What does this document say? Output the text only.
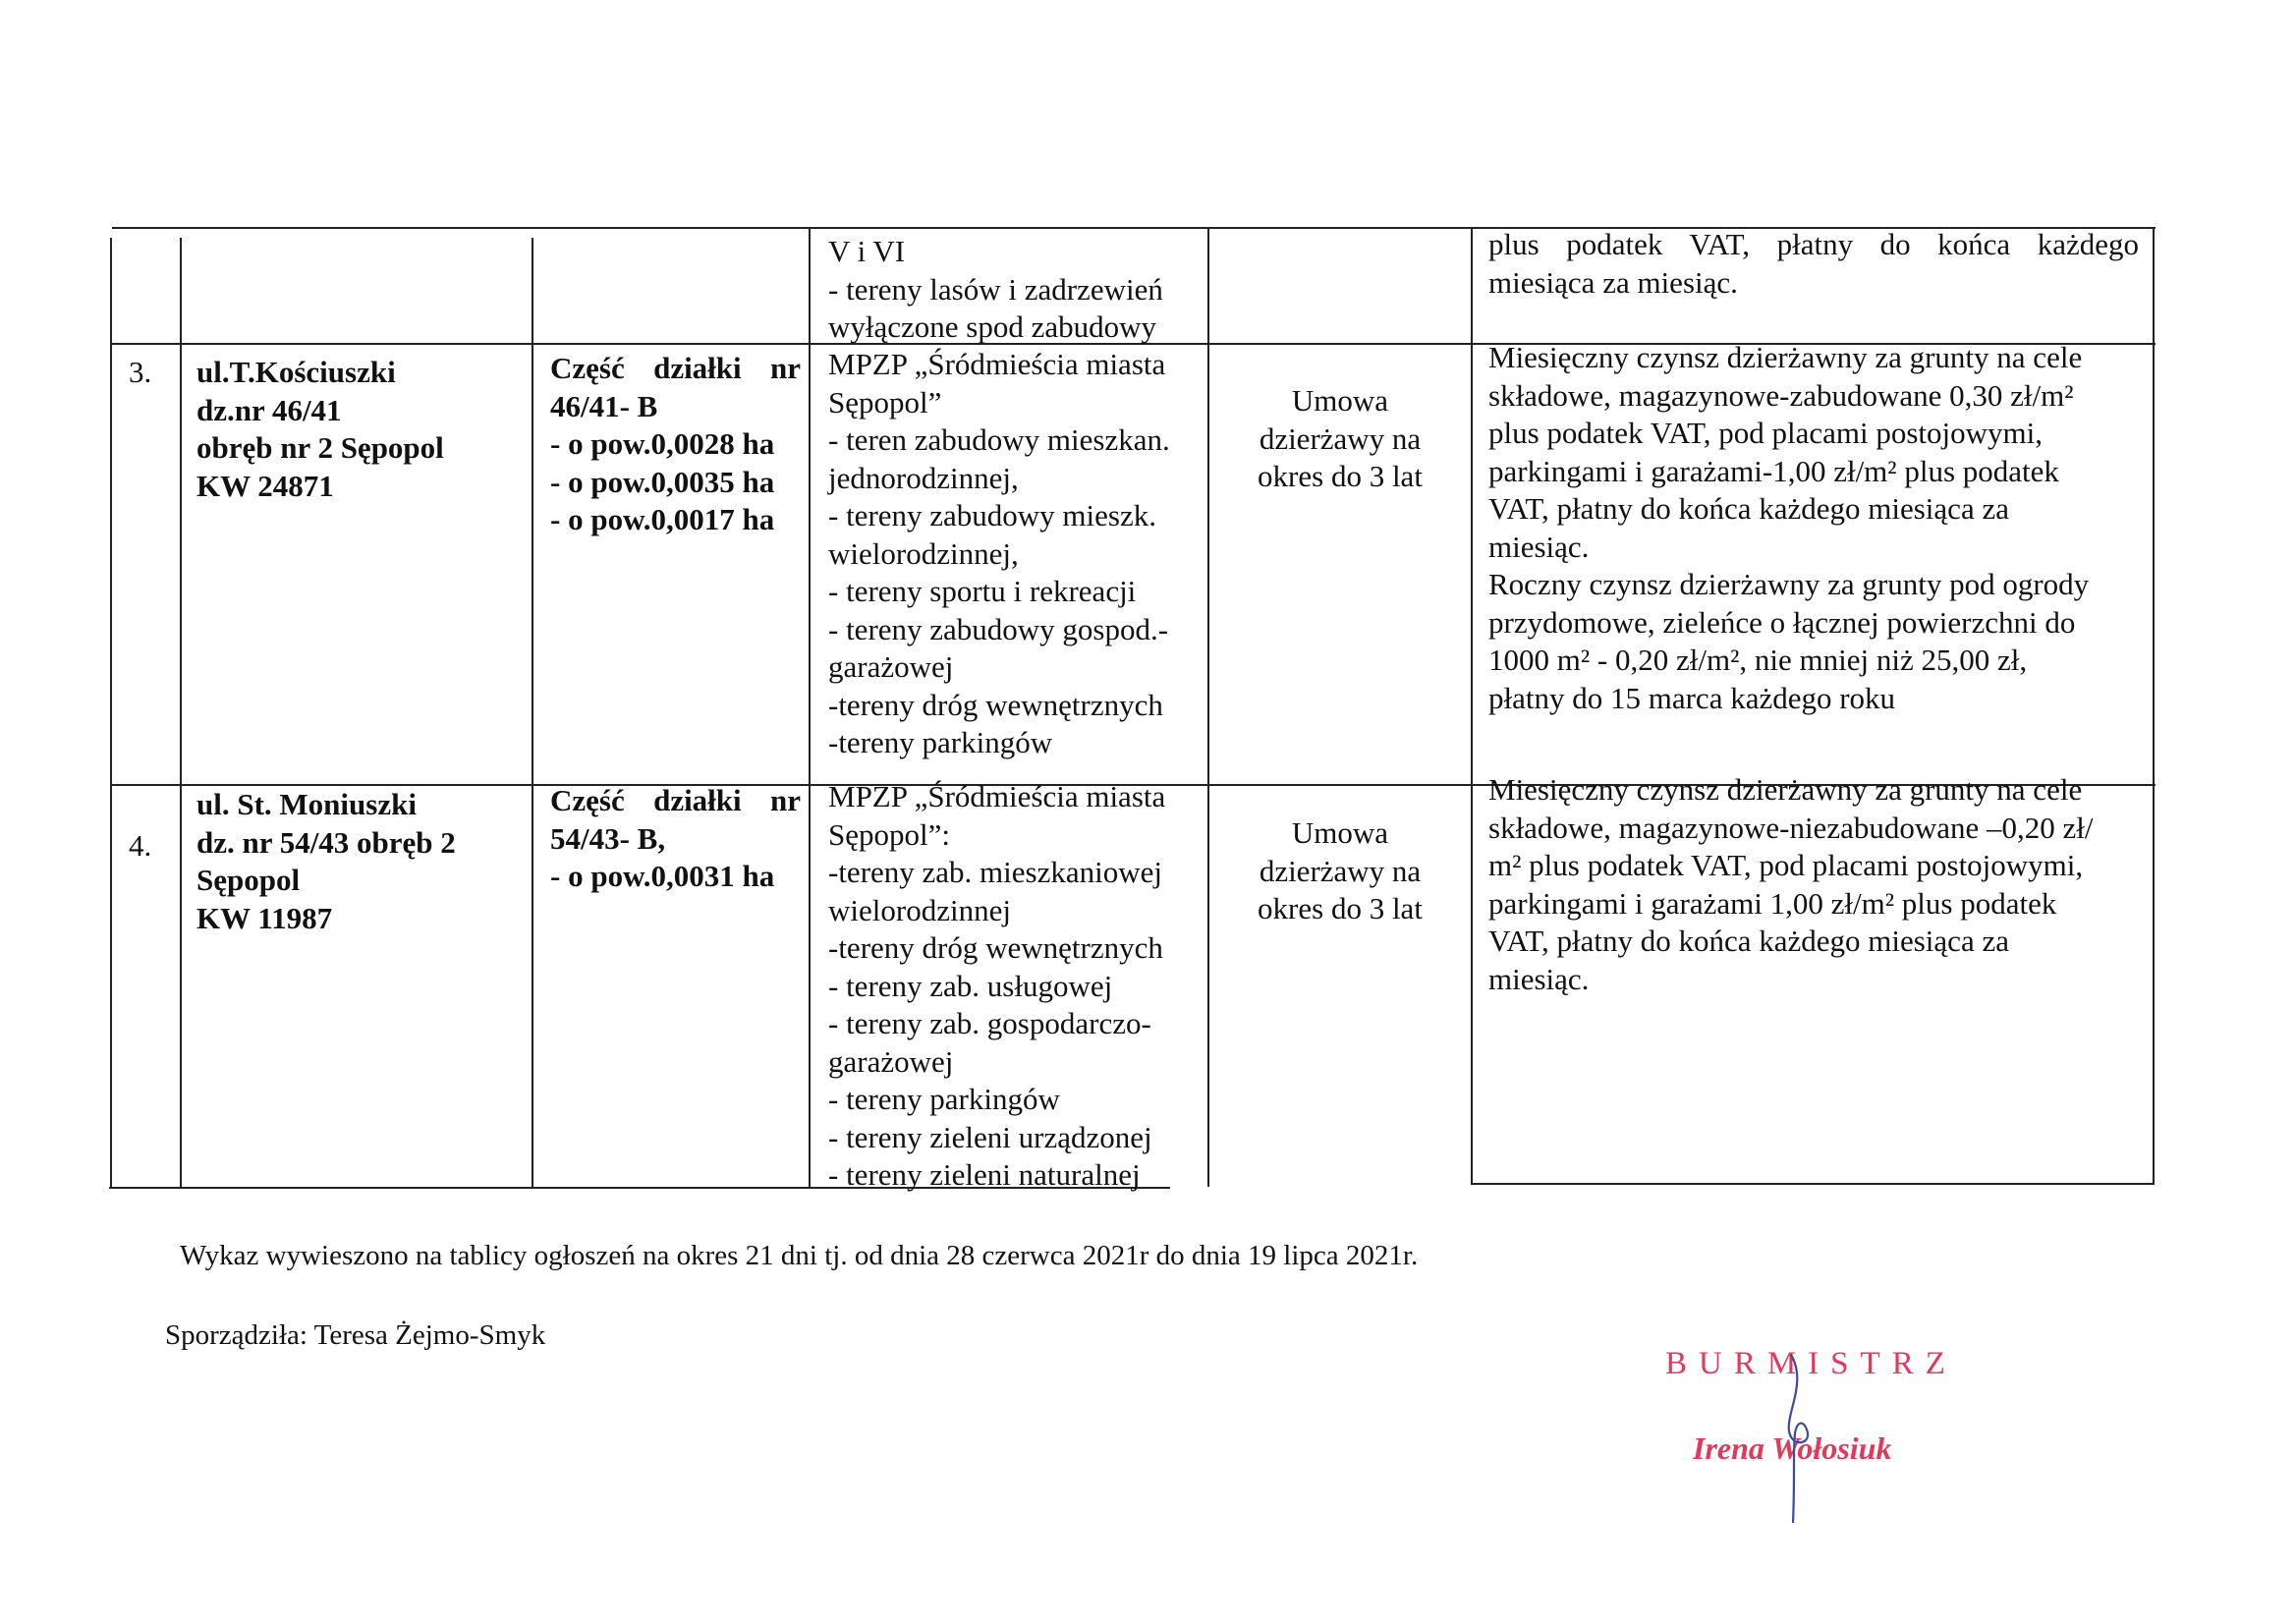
V i VI
- tereny lasów i zadrzewień
wyłączone spod zabudowy
plus podatek VAT, płatny do końca każdego
miesiąca za miesiąc.
3. ul.T.Kościuszki
dz.nr 46/41
obręb nr 2 Sępopol
KW 24871
Część działki nr
46/41- B
- o pow.0,0028 ha
- o pow.0,0035 ha
- o pow.0,0017 ha
MPZP „Śródmieścia miasta
Sępopol”
- teren zabudowy mieszkan.
jednorodzinnej,
- tereny zabudowy mieszk.
wielorodzinnej,
- tereny sportu i rekreacji
- tereny zabudowy gospod.-
garażowej
-tereny dróg wewnętrznych
-tereny parkingów
Umowa
dzierżawy na
okres do 3 lat
Miesięczny czynsz dzierżawny za grunty na cele
składowe, magazynowe-zabudowane 0,30 zł/m²
plus podatek VAT, pod placami postojowymi,
parkingami i garażami-1,00 zł/m² plus podatek
VAT, płatny do końca każdego miesiąca za
miesiąc.
Roczny czynsz dzierżawny za grunty pod ogrody
przydomowe, zieleńce o łącznej powierzchni do
1000 m² - 0,20 zł/m², nie mniej niż 25,00 zł,
płatny do 15 marca każdego roku
4.
ul. St. Moniuszki
dz. nr 54/43 obręb 2
Sępopol
KW 11987
Część działki nr
54/43- B,
- o pow.0,0031 ha
MPZP „Śródmieścia miasta
Sępopol”:
-tereny zab. mieszkaniowej
wielorodzinnej
-tereny dróg wewnętrznych
- tereny zab. usługowej
- tereny zab. gospodarczo-
garażowej
- tereny parkingów
- tereny zieleni urządzonej
- tereny zieleni naturalnej
Umowa
dzierżawy na
okres do 3 lat
Miesięczny czynsz dzierżawny za grunty na cele
składowe, magazynowe-niezabudowane –0,20 zł/
m² plus podatek VAT, pod placami postojowymi,
parkingami i garażami 1,00 zł/m² plus podatek
VAT, płatny do końca każdego miesiąca za
miesiąc.
Wykaz wywieszono na tablicy ogłoszeń na okres 21 dni tj. od dnia 28 czerwca 2021r do dnia 19 lipca 2021r.
Sporządziła: Teresa Żejmo-Smyk
BURMISTRZ
Irena Wołosiuk
